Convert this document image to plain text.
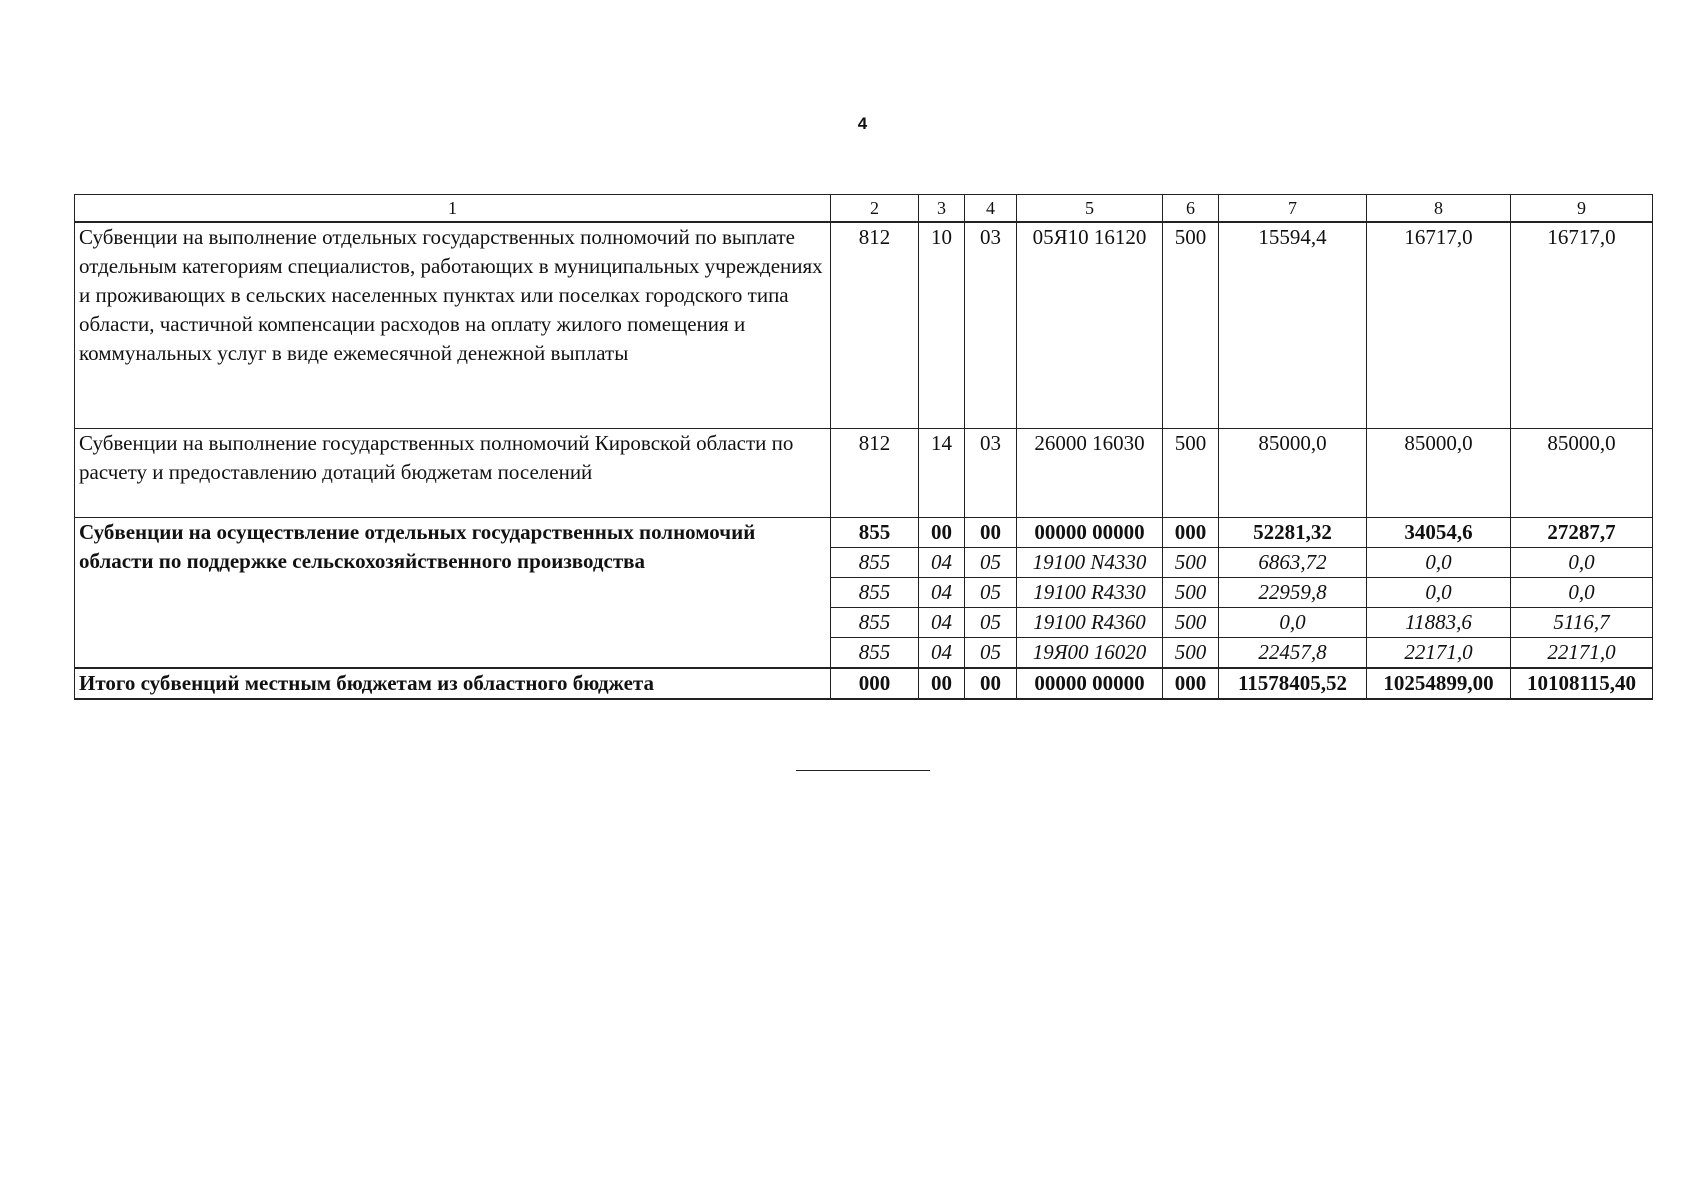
4
1	2	3	4	5	6	7	8	9
Субвенции на выполнение отдельных государственных полномочий по выплате отдельным категориям специалистов, работающих в муниципальных учреждениях и проживающих в сельских населенных пунктах или поселках городского типа области, частичной компенсации расходов на оплату жилого помещения и коммунальных услуг в виде ежемесячной денежной выплаты	812	10	03	05Я10 16120	500	15594,4	16717,0	16717,0
Субвенции на выполнение государственных полномочий Кировской области по расчету и предоставлению дотаций бюджетам поселений	812	14	03	26000 16030	500	85000,0	85000,0	85000,0
Субвенции на осуществление отдельных государственных полномочий области по поддержке сельскохозяйственного производства	855	00	00	00000 00000	000	52281,32	34054,6	27287,7
	855	04	05	19100 N4330	500	6863,72	0,0	0,0
	855	04	05	19100 R4330	500	22959,8	0,0	0,0
	855	04	05	19100 R4360	500	0,0	11883,6	5116,7
	855	04	05	19Я00 16020	500	22457,8	22171,0	22171,0
Итого субвенций местным бюджетам из областного бюджета	000	00	00	00000 00000	000	11578405,52	10254899,00	10108115,40
